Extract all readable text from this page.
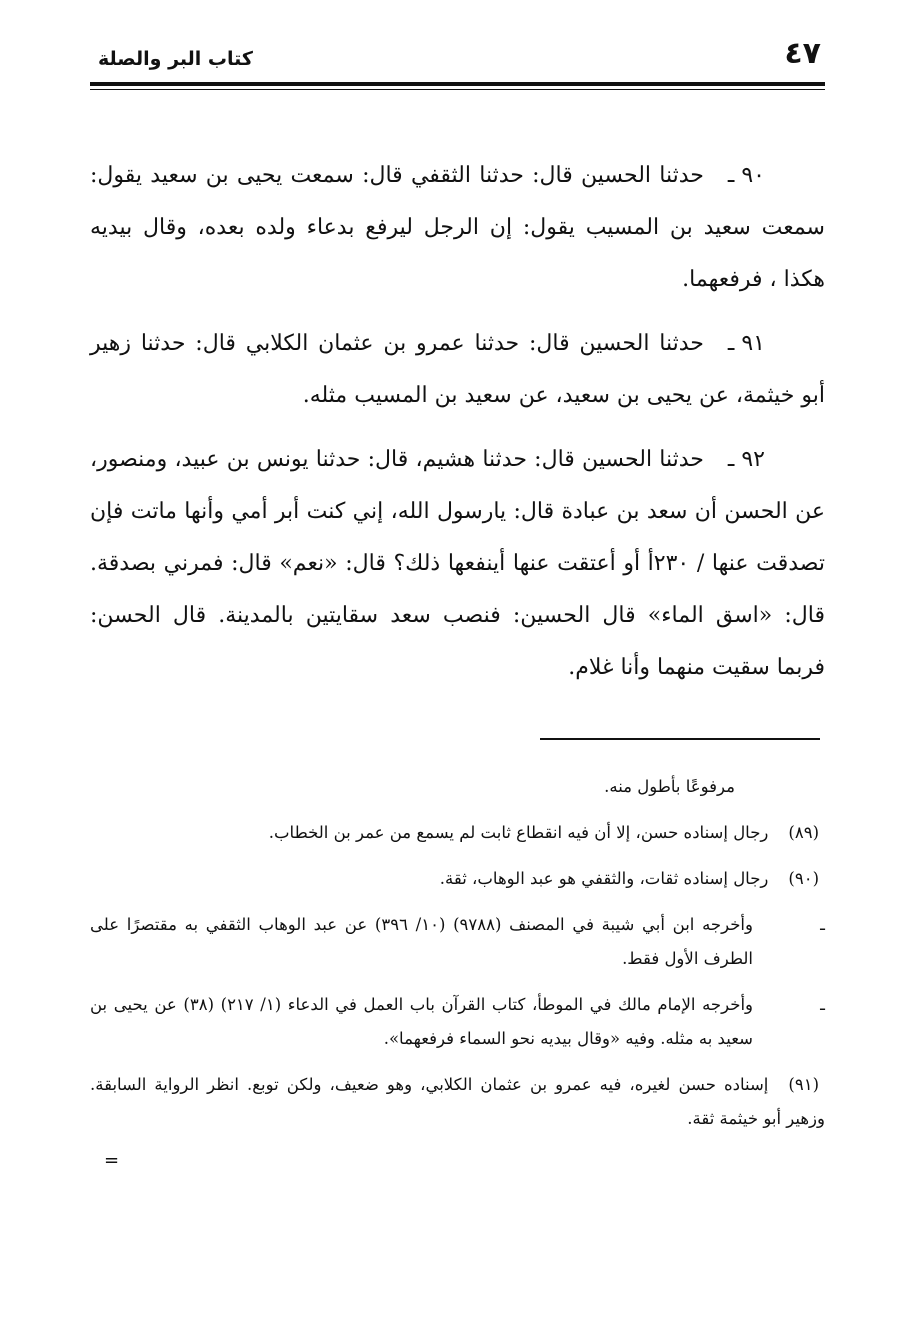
كتاب البر والصلة	٤٧

٩٠ ـحدثنا الحسين قال: حدثنا الثقفي قال: سمعت يحيى بن سعيد يقول: سمعت سعيد بن المسيب يقول: إن الرجل ليرفع بدعاء ولده بعده، وقال بيديه هكذا ، فرفعهما.

٩١ ـحدثنا الحسين قال: حدثنا عمرو بن عثمان الكلابي قال: حدثنا زهير أبو خيثمة، عن يحيى بن سعيد، عن سعيد بن المسيب مثله.

٩٢ ـحدثنا الحسين قال: حدثنا هشيم، قال: حدثنا يونس بن عبيد، ومنصور، عن الحسن أن سعد بن عبادة قال: يارسول الله، إني كنت أبر أمي وأنها ماتت فإن تصدقت عنها / ٢٣٠أ أو أعتقت عنها أينفعها ذلك؟ قال: «نعم» قال: فمرني بصدقة. قال: «اسق الماء» قال الحسين: فنصب سعد سقايتين بالمدينة. قال الحسن: فربما سقيت منهما وأنا غلام.

مرفوعًا بأطول منه.
(٨٩)رجال إسناده حسن، إلا أن فيه انقطاع ثابت لم يسمع من عمر بن الخطاب.
(٩٠)رجال إسناده ثقات، والثقفي هو عبد الوهاب، ثقة.
ـ
وأخرجه ابن أبي شيبة في المصنف (٩٧٨٨) (١٠/ ٣٩٦) عن عبد الوهاب الثقفي به مقتصرًا على الطرف الأول فقط.
ـ
وأخرجه الإمام مالك في الموطأ، كتاب القرآن باب العمل في الدعاء (١/ ٢١٧) (٣٨) عن يحيى بن سعيد به مثله. وفيه «وقال بيديه نحو السماء فرفعهما».
(٩١)إسناده حسن لغيره، فيه عمرو بن عثمان الكلابي، وهو ضعيف، ولكن توبع. انظر الرواية السابقة. وزهير أبو خيثمة ثقة.
=
